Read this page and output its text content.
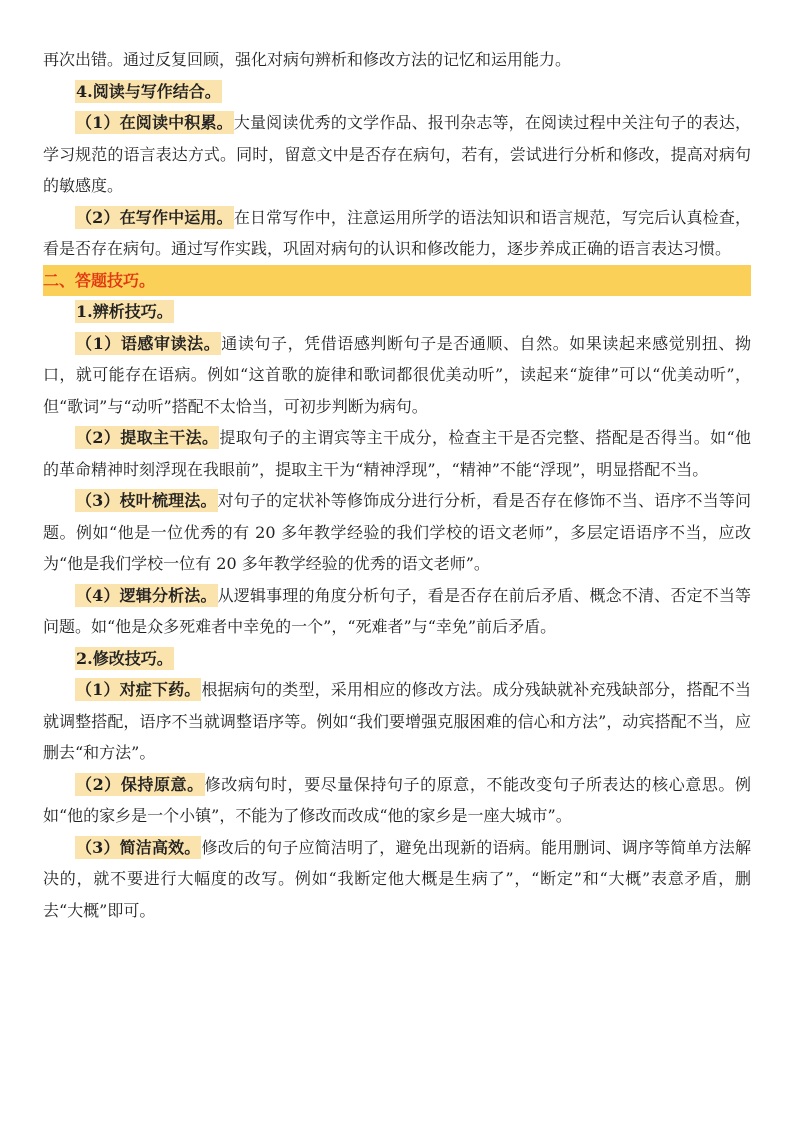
再次出错。通过反复回顾，强化对病句辨析和修改方法的记忆和运用能力。

4.阅读与写作结合。

（1）在阅读中积累。大量阅读优秀的文学作品、报刊杂志等，在阅读过程中关注句子的表达，学习规范的语言表达方式。同时，留意文中是否存在病句，若有，尝试进行分析和修改，提高对病句的敏感度。

（2）在写作中运用。在日常写作中，注意运用所学的语法知识和语言规范，写完后认真检查，看是否存在病句。通过写作实践，巩固对病句的认识和修改能力，逐步养成正确的语言表达习惯。

二、答题技巧。

1.辨析技巧。

（1）语感审读法。通读句子，凭借语感判断句子是否通顺、自然。如果读起来感觉别扭、拗口，就可能存在语病。例如“这首歌的旋律和歌词都很优美动听”，读起来“旋律”可以“优美动听”，但“歌词”与“动听”搭配不太恰当，可初步判断为病句。

（2）提取主干法。提取句子的主谓宾等主干成分，检查主干是否完整、搭配是否得当。如“他的革命精神时刻浮现在我眼前”，提取主干为“精神浮现”，“精神”不能“浮现”，明显搭配不当。

（3）枝叶梳理法。对句子的定状补等修饰成分进行分析，看是否存在修饰不当、语序不当等问题。例如“他是一位优秀的有 20 多年教学经验的我们学校的语文老师”，多层定语语序不当，应改为“他是我们学校一位有 20 多年教学经验的优秀的语文老师”。

（4）逻辑分析法。从逻辑事理的角度分析句子，看是否存在前后矛盾、概念不清、否定不当等问题。如“他是众多死难者中幸免的一个”，“死难者”与“幸免”前后矛盾。

2.修改技巧。

（1）对症下药。根据病句的类型，采用相应的修改方法。成分残缺就补充残缺部分，搭配不当就调整搭配，语序不当就调整语序等。例如“我们要增强克服困难的信心和方法”，动宾搭配不当，应删去“和方法”。

（2）保持原意。修改病句时，要尽量保持句子的原意，不能改变句子所表达的核心意思。例如“他的家乡是一个小镇”，不能为了修改而改成“他的家乡是一座大城市”。

（3）简洁高效。修改后的句子应简洁明了，避免出现新的语病。能用删词、调序等简单方法解决的，就不要进行大幅度的改写。例如“我断定他大概是生病了”，“断定”和“大概”表意矛盾，删去“大概”即可。
